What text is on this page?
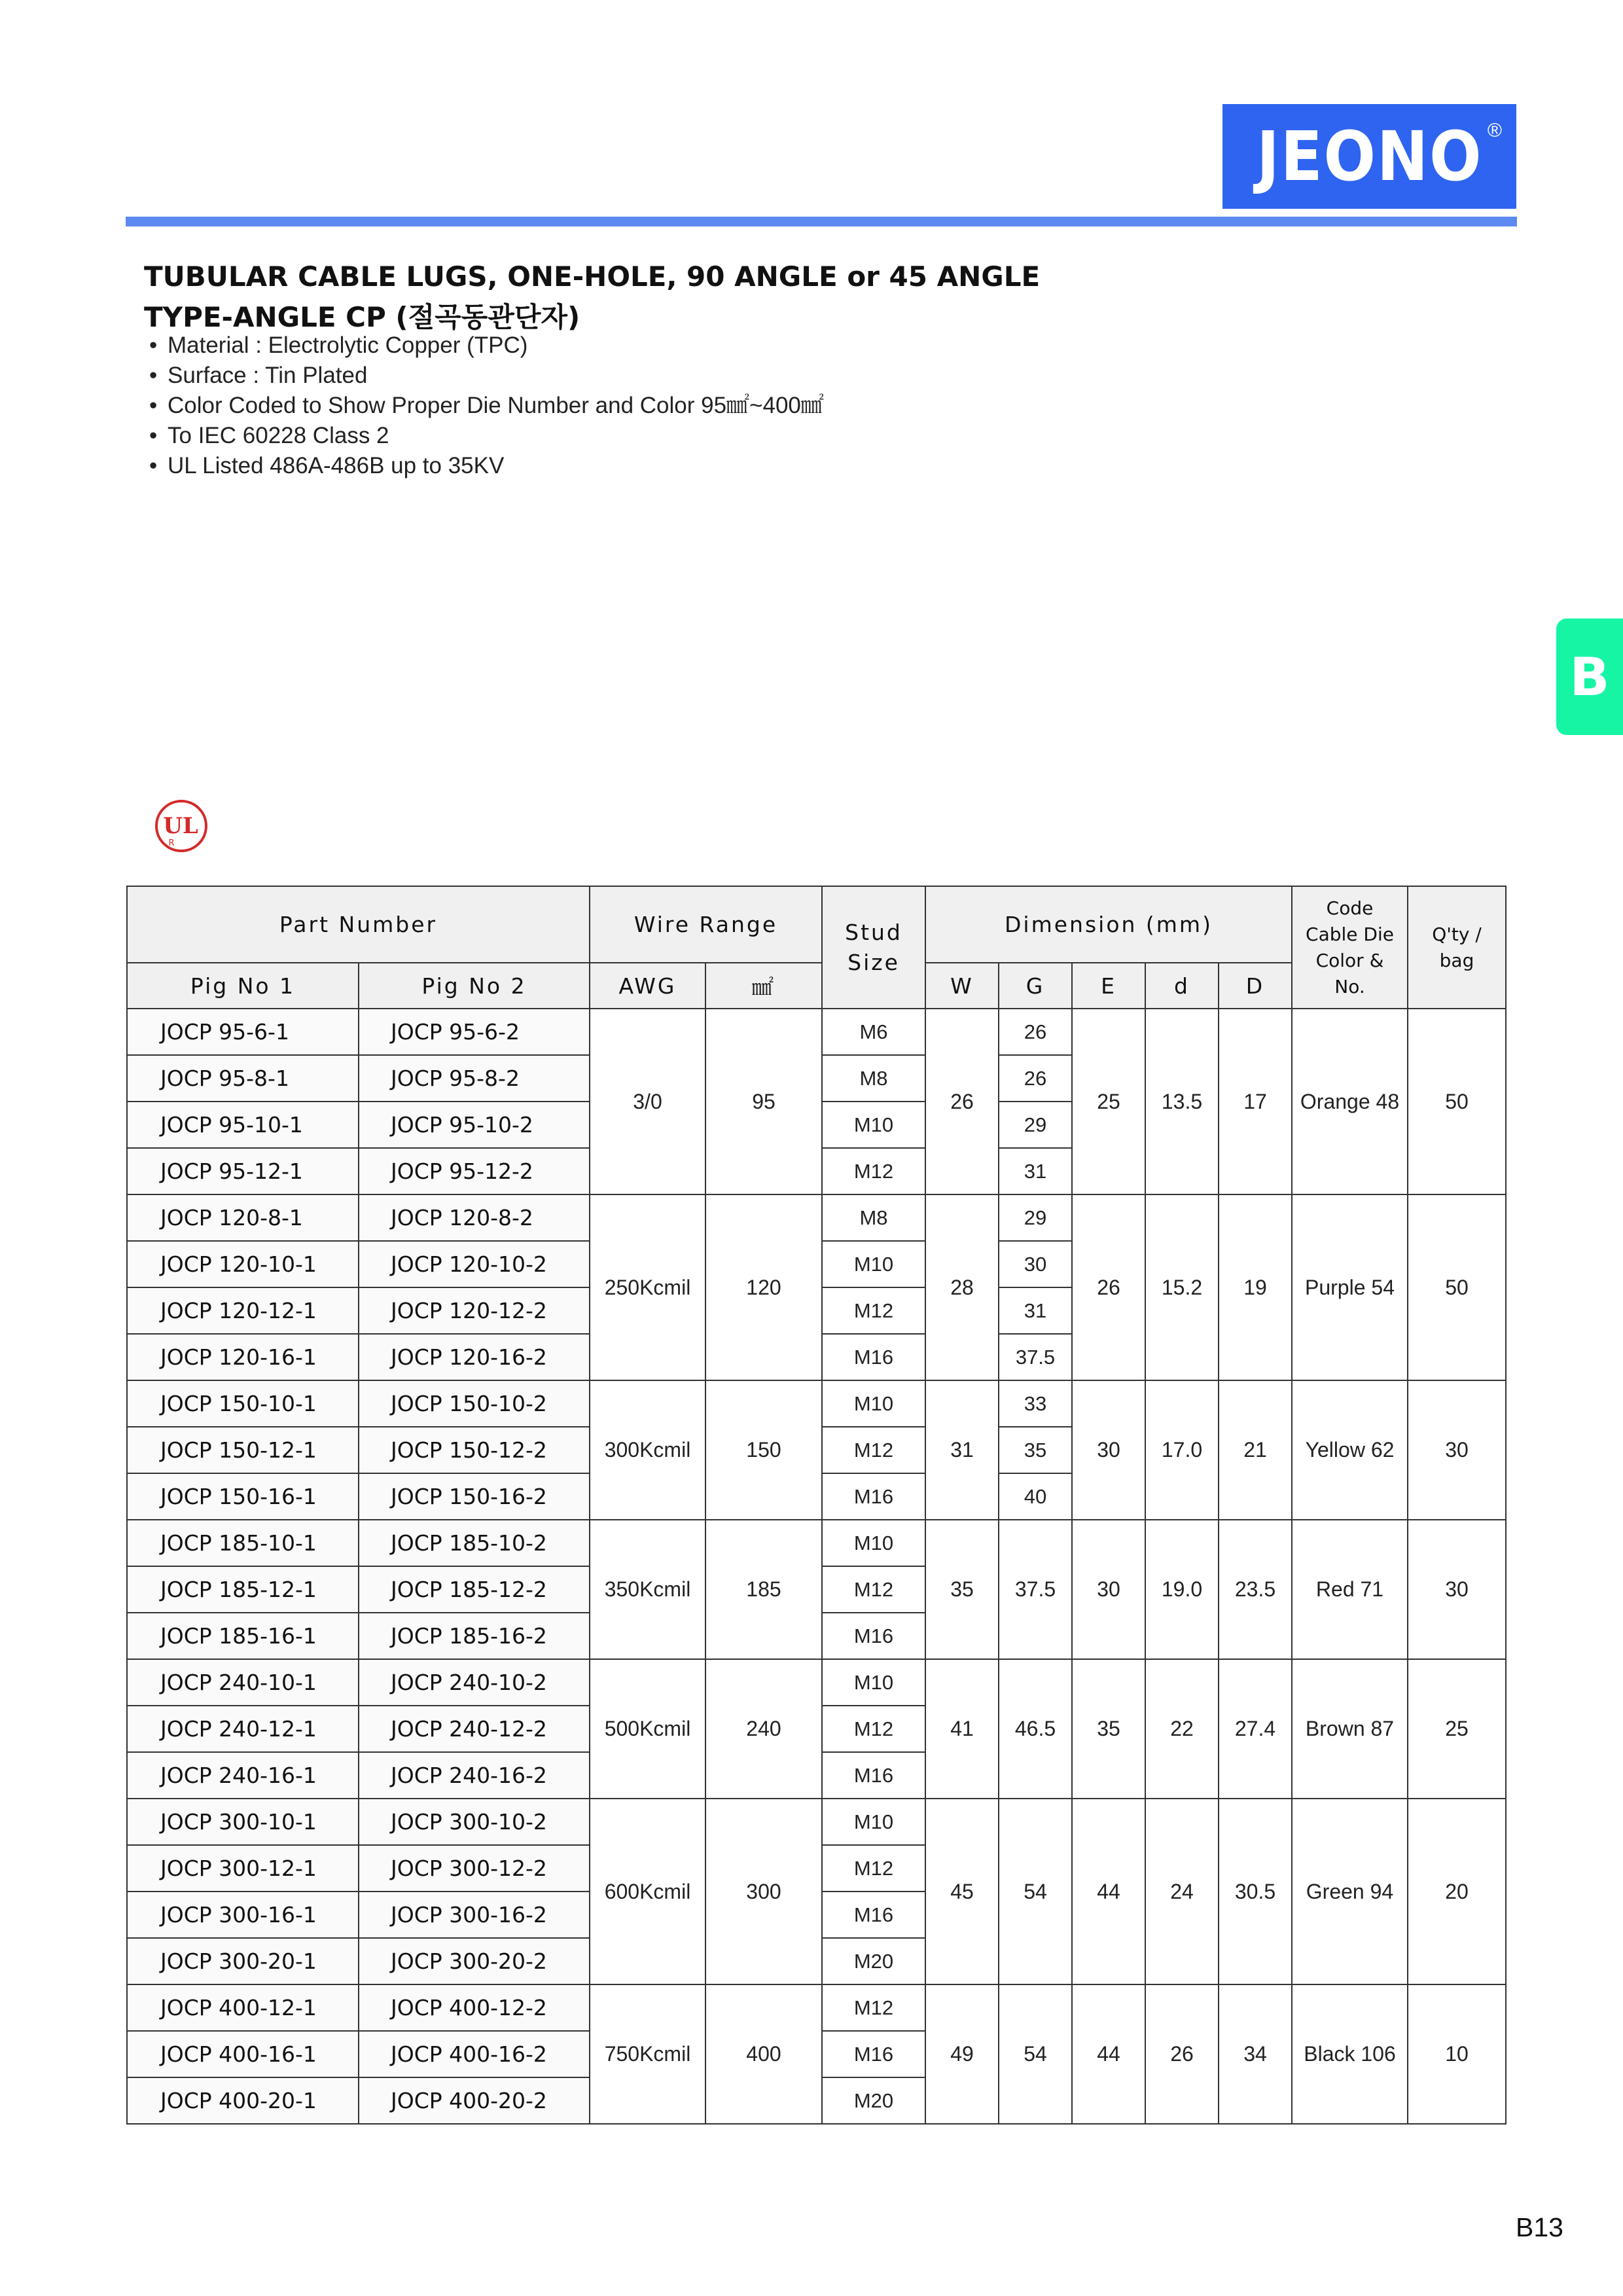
JEONO ®
B
TUBULAR CABLE LUGS, ONE-HOLE, 90 ANGLE or 45 ANGLE
TYPE-ANGLE CP (절곡동관단자)
• Material : Electrolytic Copper (TPC)
• Surface : Tin Plated
• Color Coded to Show Proper Die Number and Color 95㎟~400㎟
• To IEC 60228 Class 2
• UL Listed 486A-486B up to 35KV
UL
R
Part Number		Wire Range		Stud Size	Dimension (mm)					Code Cable Die Color & No.	Q'ty / bag
Pig No 1	Pig No 2	AWG	㎟		W	G	E	d	D		
JOCP 95-6-1	JOCP 95-6-2	3/0	95	M6	26	26	25	13.5	17	Orange 48	50
JOCP 95-8-1	JOCP 95-8-2			M8		26					
JOCP 95-10-1	JOCP 95-10-2			M10		29					
JOCP 95-12-1	JOCP 95-12-2			M12		31					
JOCP 120-8-1	JOCP 120-8-2	250Kcmil	120	M8	28	29	26	15.2	19	Purple 54	50
JOCP 120-10-1	JOCP 120-10-2			M10		30					
JOCP 120-12-1	JOCP 120-12-2			M12		31					
JOCP 120-16-1	JOCP 120-16-2			M16		37.5					
JOCP 150-10-1	JOCP 150-10-2	300Kcmil	150	M10	31	33	30	17.0	21	Yellow 62	30
JOCP 150-12-1	JOCP 150-12-2			M12		35					
JOCP 150-16-1	JOCP 150-16-2			M16		40					
JOCP 185-10-1	JOCP 185-10-2	350Kcmil	185	M10	35	37.5	30	19.0	23.5	Red 71	30
JOCP 185-12-1	JOCP 185-12-2			M12							
JOCP 185-16-1	JOCP 185-16-2			M16							
JOCP 240-10-1	JOCP 240-10-2	500Kcmil	240	M10	41	46.5	35	22	27.4	Brown 87	25
JOCP 240-12-1	JOCP 240-12-2			M12							
JOCP 240-16-1	JOCP 240-16-2			M16							
JOCP 300-10-1	JOCP 300-10-2	600Kcmil	300	M10	45	54	44	24	30.5	Green 94	20
JOCP 300-12-1	JOCP 300-12-2			M12							
JOCP 300-16-1	JOCP 300-16-2			M16							
JOCP 300-20-1	JOCP 300-20-2			M20							
JOCP 400-12-1	JOCP 400-12-2	750Kcmil	400	M12	49	54	44	26	34	Black 106	10
JOCP 400-16-1	JOCP 400-16-2			M16							
JOCP 400-20-1	JOCP 400-20-2			M20							
B13
